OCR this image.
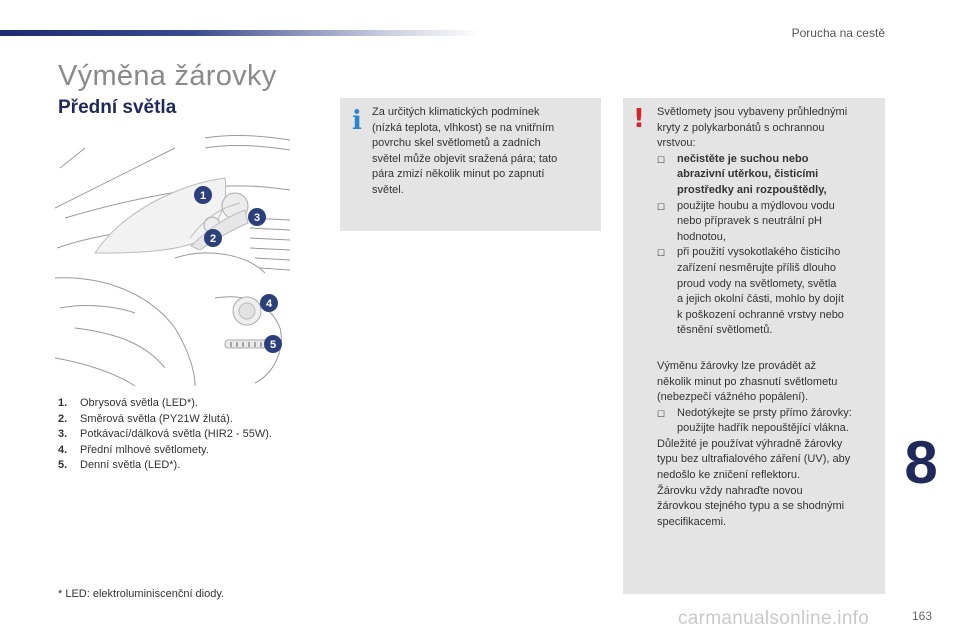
Porucha na cestě
Výměna žárovky
Přední světla
1
2
3
4
5
1.	Obrysová světla (LED*).
2.	Směrová světla (PY21W žlutá).
3.	Potkávací/dálková světla (HIR2 - 55W).
4.	Přední mlhové světlomety.
5.	Denní světla (LED*).
* LED: elektroluminiscenční diody.
i Za určitých klimatických podmínek
(nízká teplota, vlhkost) se na vnitřním
povrchu skel světlometů a zadních
světel může objevit sražená pára; tato
pára zmizí několik minut po zapnutí
světel.
! Světlomety jsou vybaveny průhlednými
kryty z polykarbonátů s ochrannou
vrstvou:
☐	nečistěte je suchou nebo
abrazivní utěrkou, čisticími
prostředky ani rozpouštědly,
☐	použijte houbu a mýdlovou vodu
nebo přípravek s neutrální pH
hodnotou,
☐	při použití vysokotlakého čisticího
zařízení nesměrujte příliš dlouho
proud vody na světlomety, světla
a jejich okolní části, mohlo by dojít
k poškození ochranné vrstvy nebo
těsnění světlometů.
Výměnu žárovky lze provádět až
několik minut po zhasnutí světlometu
(nebezpečí vážného popálení).
☐	Nedotýkejte se prsty přímo žárovky:
použijte hadřík nepouštějící vlákna.
Důležité je používat výhradně žárovky
typu bez ultrafialového záření (UV), aby
nedošlo ke zničení reflektoru.
Žárovku vždy nahraďte novou
žárovkou stejného typu a se shodnými
specifikacemi.
8
carmanualsonline.info	163
